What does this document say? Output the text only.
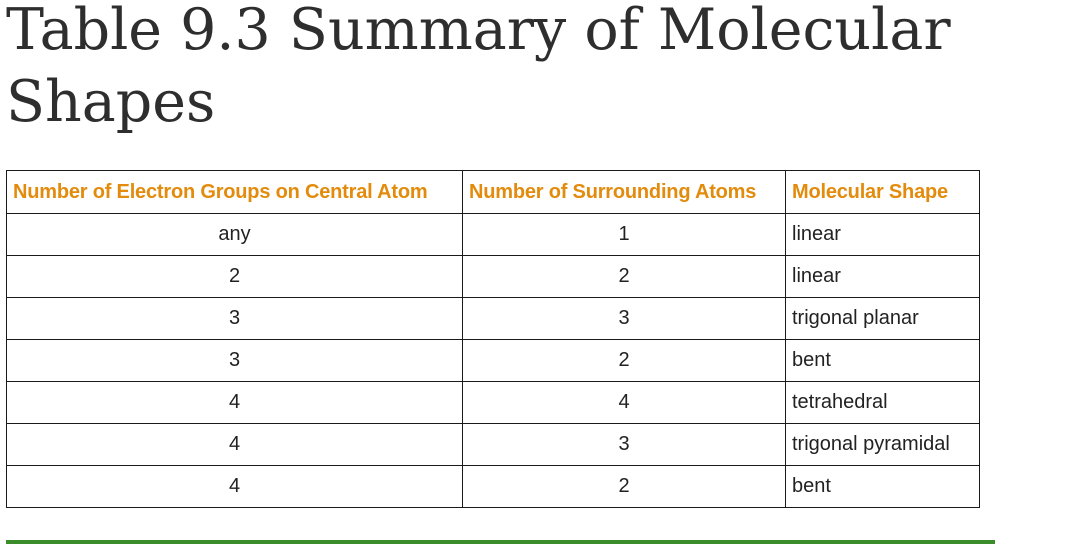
Table 9.3 Summary of Molecular Shapes
Number of Electron Groups on Central Atom	Number of Surrounding Atoms	Molecular Shape
any	1	linear
2	2	linear
3	3	trigonal planar
3	2	bent
4	4	tetrahedral
4	3	trigonal pyramidal
4	2	bent
